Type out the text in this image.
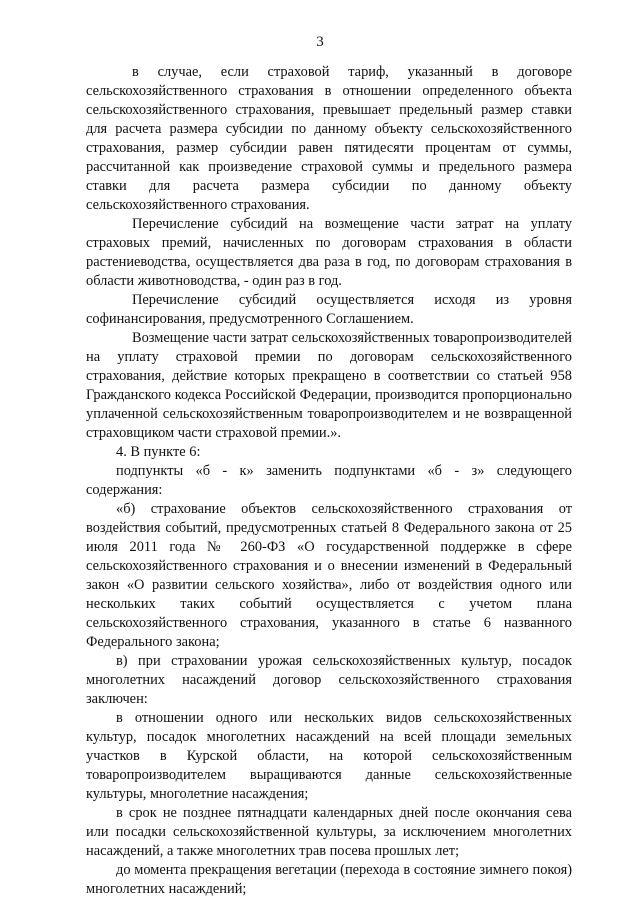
3

в случае, если страховой тариф, указанный в договоре сельскохозяйственного страхования в отношении определенного объекта сельскохозяйственного страхования, превышает предельный размер ставки для расчета размера субсидии по данному объекту сельскохозяйственного страхования, размер субсидии равен пятидесяти процентам от суммы, рассчитанной как произведение страховой суммы и предельного размера ставки для расчета размера субсидии по данному объекту сельскохозяйственного страхования.

Перечисление субсидий на возмещение части затрат на уплату страховых премий, начисленных по договорам страхования в области растениеводства, осуществляется два раза в год, по договорам страхования в области животноводства, - один раз в год.

Перечисление субсидий осуществляется исходя из уровня софинансирования, предусмотренного Соглашением.

Возмещение части затрат сельскохозяйственных товаропроизводителей на уплату страховой премии по договорам сельскохозяйственного страхования, действие которых прекращено в соответствии со статьей 958 Гражданского кодекса Российской Федерации, производится пропорционально уплаченной сельскохозяйственным товаропроизводителем и не возвращенной страховщиком части страховой премии.».

4. В пункте 6:

подпункты «б - к» заменить подпунктами «б - з» следующего содержания:

«б) страхование объектов сельскохозяйственного страхования от воздействия событий, предусмотренных статьей 8 Федерального закона от 25 июля 2011 года № 260-ФЗ «О государственной поддержке в сфере сельскохозяйственного страхования и о внесении изменений в Федеральный закон «О развитии сельского хозяйства», либо от воздействия одного или нескольких таких событий осуществляется с учетом плана сельскохозяйственного страхования, указанного в статье 6 названного Федерального закона;

в) при страховании урожая сельскохозяйственных культур, посадок многолетних насаждений договор сельскохозяйственного страхования заключен:

в отношении одного или нескольких видов сельскохозяйственных культур, посадок многолетних насаждений на всей площади земельных участков в Курской области, на которой сельскохозяйственным товаропроизводителем выращиваются данные сельскохозяйственные культуры, многолетние насаждения;

в срок не позднее пятнадцати календарных дней после окончания сева или посадки сельскохозяйственной культуры, за исключением многолетних насаждений, а также многолетних трав посева прошлых лет;

до момента прекращения вегетации (перехода в состояние зимнего покоя) многолетних насаждений;
